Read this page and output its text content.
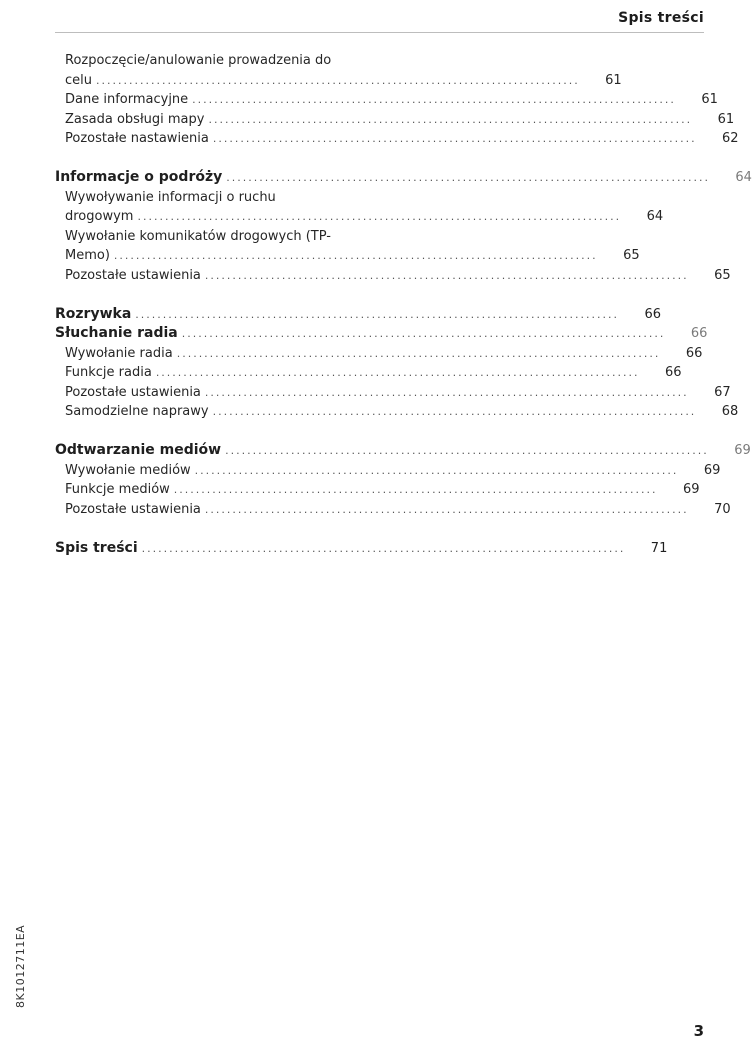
Spis treści
Rozpoczęcie/anulowanie prowadzenia do
celu ........................................................................................	61
Dane informacyjne ........................................................................................	61
Zasada obsługi mapy ........................................................................................	61
Pozostałe nastawienia ........................................................................................	62
Informacje o podróży ........................................................................................	64
Wywoływanie informacji o ruchu
drogowym ........................................................................................	64
Wywołanie komunikatów drogowych (TP-
Memo) ........................................................................................	65
Pozostałe ustawienia ........................................................................................	65
Rozrywka ........................................................................................	66
Słuchanie radia ........................................................................................	66
Wywołanie radia ........................................................................................	66
Funkcje radia ........................................................................................	66
Pozostałe ustawienia ........................................................................................	67
Samodzielne naprawy ........................................................................................	68
Odtwarzanie mediów ........................................................................................	69
Wywołanie mediów ........................................................................................	69
Funkcje mediów ........................................................................................	69
Pozostałe ustawienia ........................................................................................	70
Spis treści ........................................................................................	71
8K1012711EA
3
